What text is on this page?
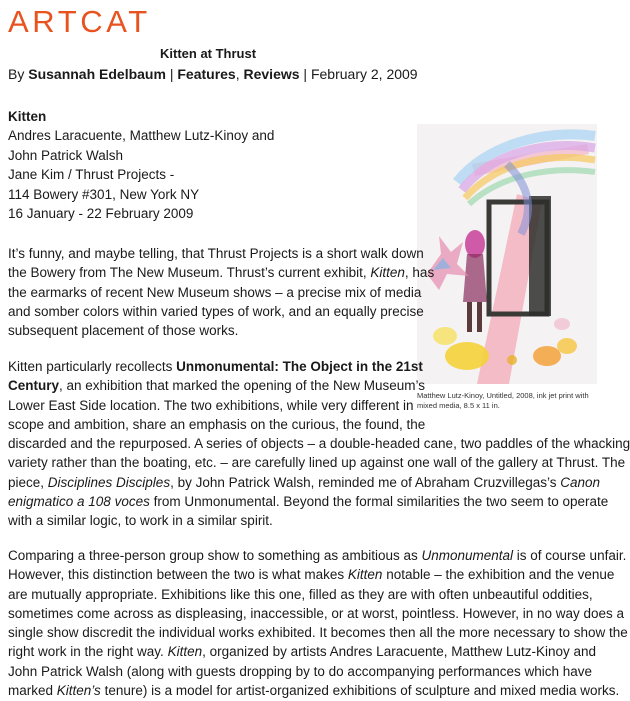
ARTCAT
Kitten at Thrust
By Susannah Edelbaum | Features, Reviews | February 2, 2009
Kitten
Andres Laracuente, Matthew Lutz-Kinoy and
John Patrick Walsh
Jane Kim / Thrust Projects -
114 Bowery #301, New York NY
16 January - 22 February 2009
Matthew Lutz-Kinoy, Untitled, 2008, ink jet print with mixed media, 8.5 x 11 in.
It’s funny, and maybe telling, that Thrust Projects is a short walk down
the Bowery from The New Museum. Thrust’s current exhibit, Kitten, has
the earmarks of recent New Museum shows – a precise mix of media
and somber colors within varied types of work, and an equally precise
subsequent placement of those works.
Kitten particularly recollects Unmonumental: The Object in the 21st
Century, an exhibition that marked the opening of the New Museum’s
Lower East Side location. The two exhibitions, while very different in
scope and ambition, share an emphasis on the curious, the found, the
discarded and the repurposed. A series of objects – a double-headed cane, two paddles of the whacking
variety rather than the boating, etc. – are carefully lined up against one wall of the gallery at Thrust. The
piece, Disciplines Disciples, by John Patrick Walsh, reminded me of Abraham Cruzvillegas’s Canon
enigmatico a 108 voces from Unmonumental. Beyond the formal similarities the two seem to operate
with a similar logic, to work in a similar spirit.
Comparing a three-person group show to something as ambitious as Unmonumental is of course unfair.
However, this distinction between the two is what makes Kitten notable – the exhibition and the venue
are mutually appropriate. Exhibitions like this one, filled as they are with often unbeautiful oddities,
sometimes come across as displeasing, inaccessible, or at worst, pointless. However, in no way does a
single show discredit the individual works exhibited. It becomes then all the more necessary to show the
right work in the right way. Kitten, organized by artists Andres Laracuente, Matthew Lutz-Kinoy and
John Patrick Walsh (along with guests dropping by to do accompanying performances which have
marked Kitten’s tenure) is a model for artist-organized exhibitions of sculpture and mixed media works.
